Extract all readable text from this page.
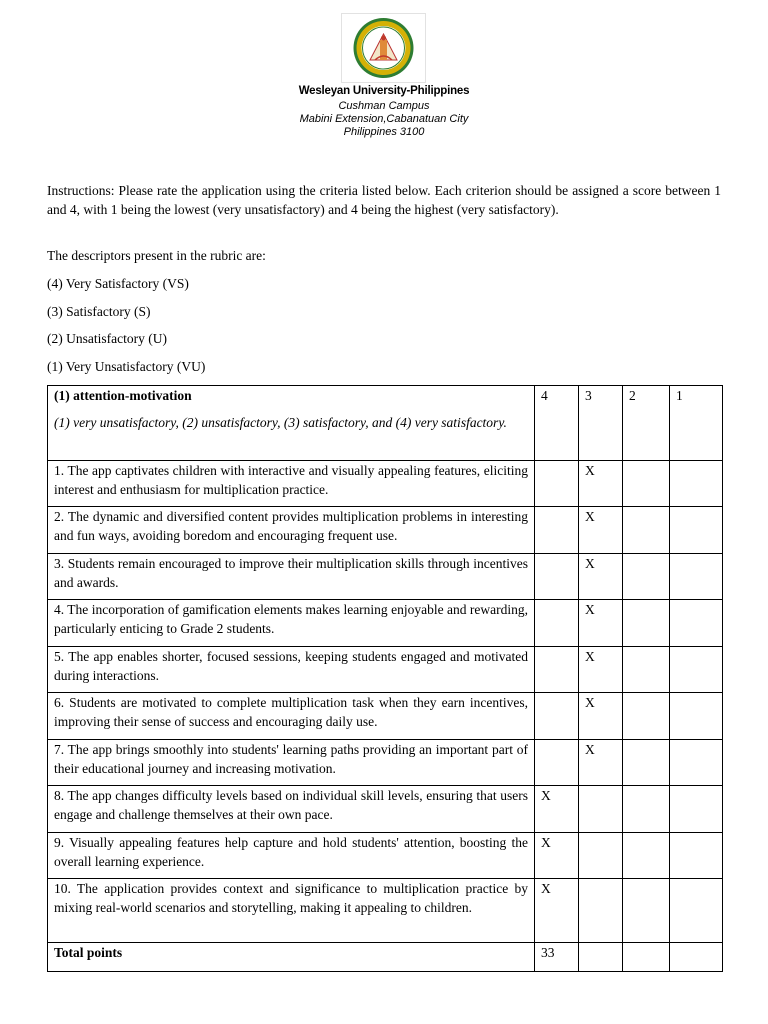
Wesleyan University-Philippines
Cushman Campus
Mabini Extension,Cabanatuan City
Philippines 3100
Instructions: Please rate the application using the criteria listed below. Each criterion should be assigned a score between 1 and 4, with 1 being the lowest (very unsatisfactory) and 4 being the highest (very satisfactory).
The descriptors present in the rubric are:
(4) Very Satisfactory (VS)
(3) Satisfactory (S)
(2) Unsatisfactory (U)
(1) Very Unsatisfactory (VU)
(1) attention-motivation
(1) very unsatisfactory, (2) unsatisfactory, (3) satisfactory, and (4) very satisfactory.	4	3	2	1
1. The app captivates children with interactive and visually appealing features, eliciting interest and enthusiasm for multiplication practice.		X		
2. The dynamic and diversified content provides multiplication problems in interesting and fun ways, avoiding boredom and encouraging frequent use.		X		
3. Students remain encouraged to improve their multiplication skills through incentives and awards.		X		
4. The incorporation of gamification elements makes learning enjoyable and rewarding, particularly enticing to Grade 2 students.		X		
5. The app enables shorter, focused sessions, keeping students engaged and motivated during interactions.		X		
6. Students are motivated to complete multiplication task when they earn incentives, improving their sense of success and encouraging daily use.		X		
7. The app brings smoothly into students' learning paths providing an important part of their educational journey and increasing motivation.		X		
8. The app changes difficulty levels based on individual skill levels, ensuring that users engage and challenge themselves at their own pace.	X			
9. Visually appealing features help capture and hold students' attention, boosting the overall learning experience.	X			
10. The application provides context and significance to multiplication practice by mixing real-world scenarios and storytelling, making it appealing to children.	X			
Total points	33			
